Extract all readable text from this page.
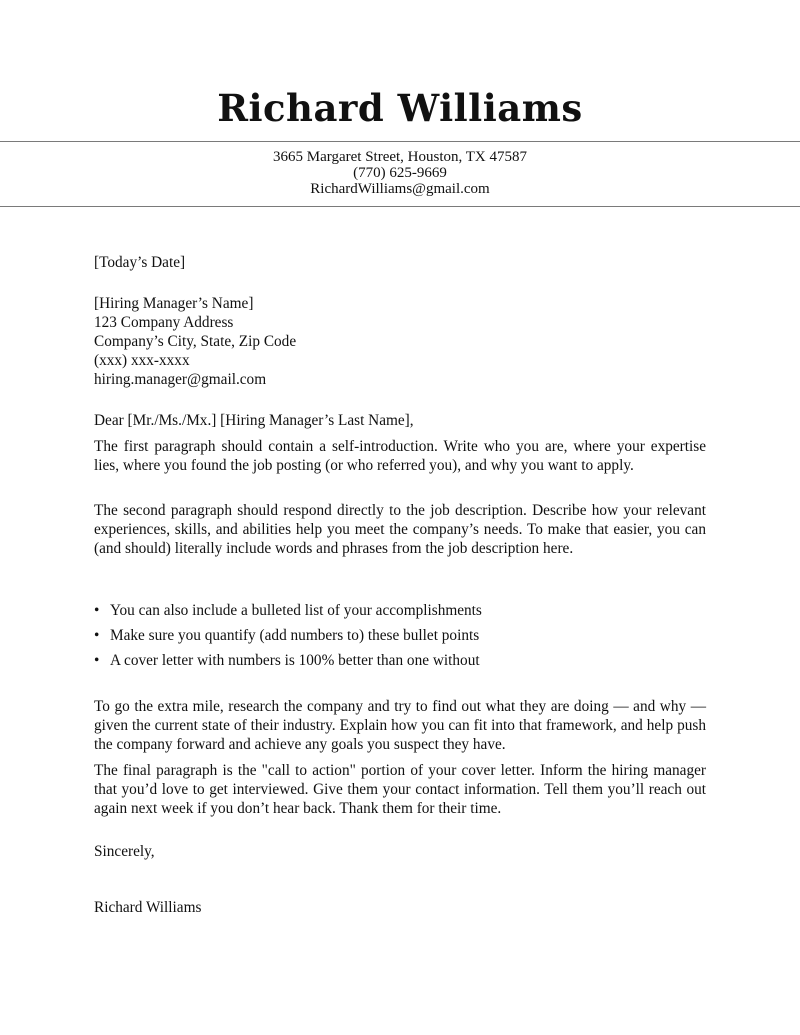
Richard Williams
3665 Margaret Street, Houston, TX 47587
(770) 625-9669
RichardWilliams@gmail.com
[Today’s Date]
[Hiring Manager’s Name]
123 Company Address
Company’s City, State, Zip Code
(xxx) xxx-xxxx
hiring.manager@gmail.com
Dear [Mr./Ms./Mx.] [Hiring Manager’s Last Name],
The first paragraph should contain a self-introduction. Write who you are, where your expertise lies, where you found the job posting (or who referred you), and why you want to apply.
The second paragraph should respond directly to the job description. Describe how your relevant experiences, skills, and abilities help you meet the company’s needs. To make that easier, you can (and should) literally include words and phrases from the job description here.
• You can also include a bulleted list of your accomplishments
• Make sure you quantify (add numbers to) these bullet points
• A cover letter with numbers is 100% better than one without
To go the extra mile, research the company and try to find out what they are doing — and why — given the current state of their industry. Explain how you can fit into that framework, and help push the company forward and achieve any goals you suspect they have.
The final paragraph is the "call to action" portion of your cover letter. Inform the hiring manager that you’d love to get interviewed. Give them your contact information. Tell them you’ll reach out again next week if you don’t hear back. Thank them for their time.
Sincerely,
Richard Williams
